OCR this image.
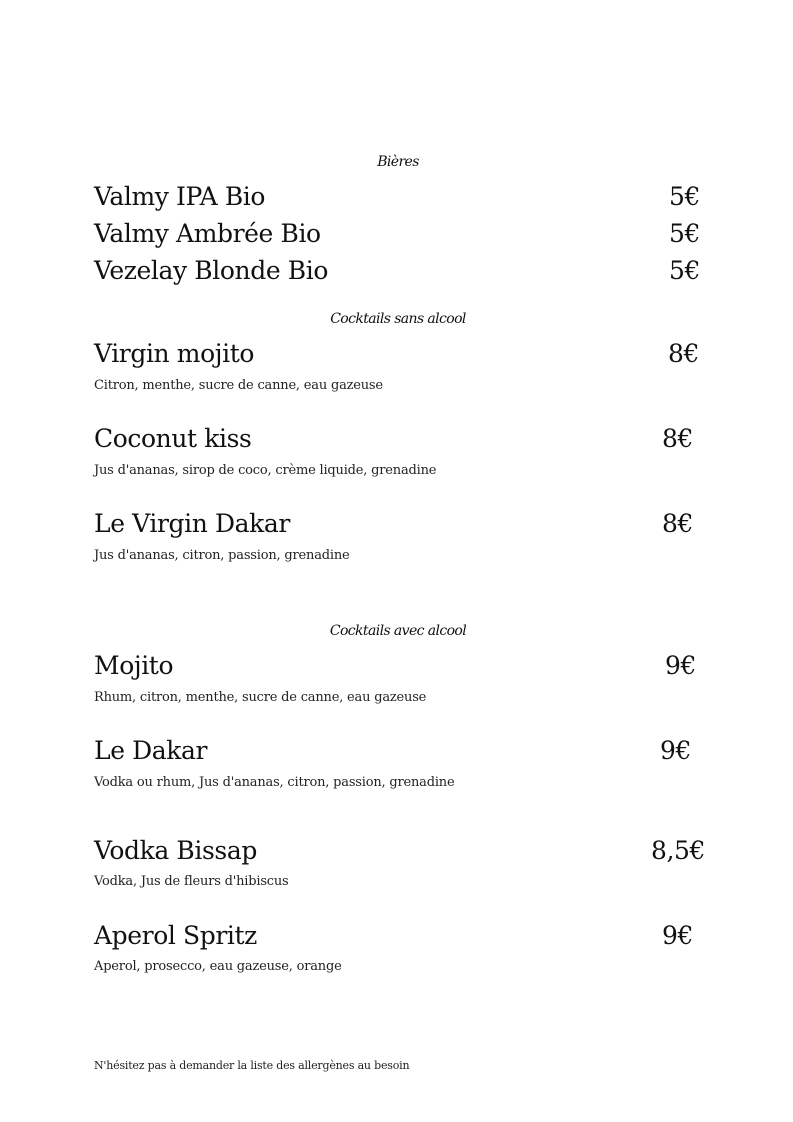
Bières
Valmy IPA Bio	5€
Valmy Ambrée Bio	5€
Vezelay Blonde Bio	5€
Cocktails sans alcool
Virgin mojito	8€
Citron, menthe, sucre de canne, eau gazeuse
Coconut kiss	8€
Jus d'ananas, sirop de coco, crème liquide, grenadine
Le Virgin Dakar	8€
Jus d'ananas, citron, passion, grenadine
Cocktails avec alcool
Mojito	9€
Rhum, citron, menthe, sucre de canne, eau gazeuse
Le Dakar	9€
Vodka ou rhum, Jus d'ananas, citron, passion, grenadine
Vodka Bissap	8,5€
Vodka, Jus de fleurs d'hibiscus
Aperol Spritz	9€
Aperol, prosecco, eau gazeuse, orange
N'hésitez pas à demander la liste des allergènes au besoin
